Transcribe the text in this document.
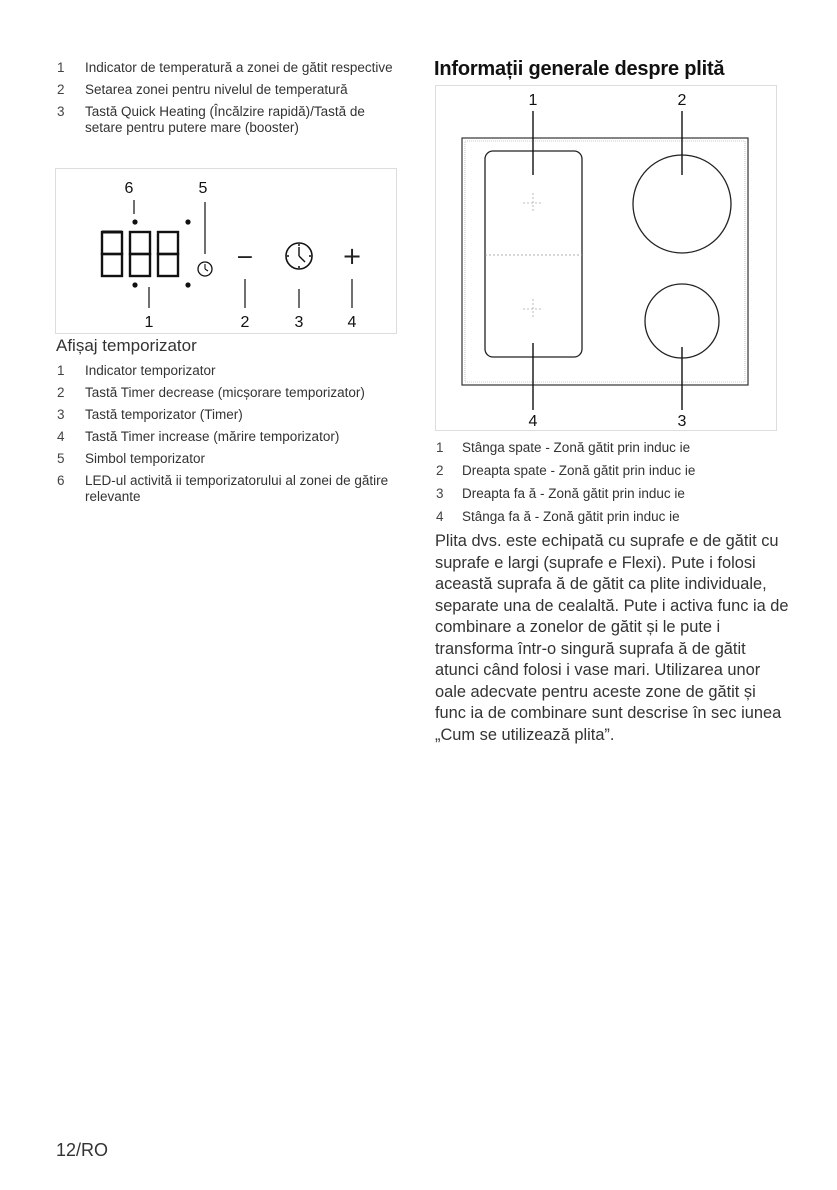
1	Indicator de temperatură a zonei de gătit respective
2	Setarea zonei pentru nivelul de temperatură
3	Tastă Quick Heating (Încălzire rapidă)/Tastă de setare pentru putere mare (booster)
6	5
−	+
1	2	3	4
Afișaj temporizator
1	Indicator temporizator
2	Tastă Timer decrease (micșorare temporizator)
3	Tastă temporizator (Timer)
4	Tastă Timer increase (mărire temporizator)
5	Simbol temporizator
6	LED-ul activită ii temporizatorului al zonei de gătire relevante
Informații generale despre plită
1	2
4	3
1	Stânga spate - Zonă gătit prin induc ie
2	Dreapta spate - Zonă gătit prin induc ie
3	Dreapta fa ă - Zonă gătit prin induc ie
4	Stânga fa ă - Zonă gătit prin induc ie

Plita dvs. este echipată cu suprafe e de gătit cu suprafe e largi (suprafe e Flexi). Pute i folosi această suprafa ă de gătit ca plite individuale, separate una de cealaltă. Pute i activa func ia de combinare a zonelor de gătit și le pute i transforma într-o singură suprafa ă de gătit atunci când folosi i vase mari. Utilizarea unor oale adecvate pentru aceste zone de gătit și func ia de combinare sunt descrise în sec iunea „Cum se utilizează plita”.

12/RO
